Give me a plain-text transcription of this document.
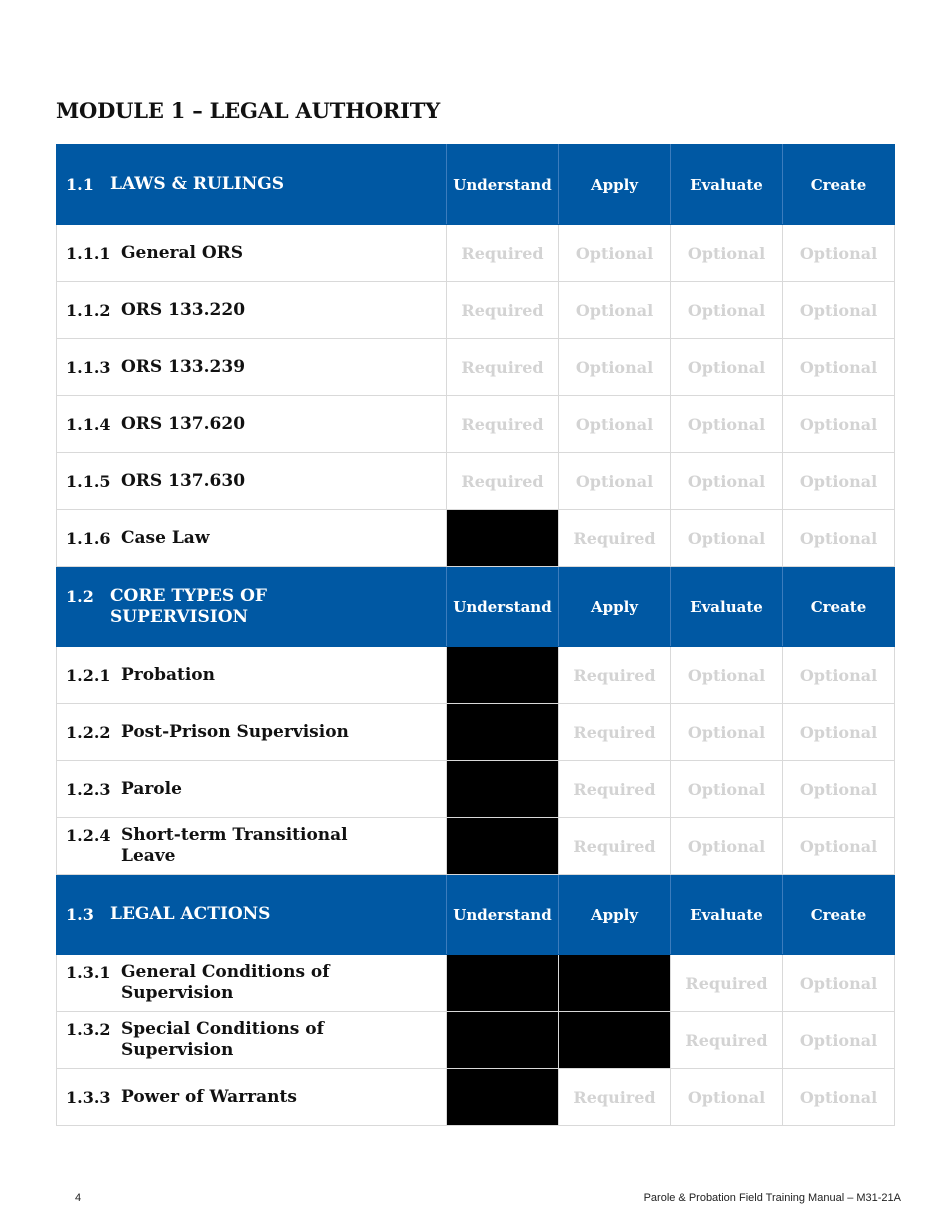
MODULE 1 – LEGAL AUTHORITY
1.1 LAWS & RULINGS	Understand	Apply	Evaluate	Create

1.1.1 General ORS	Required	Optional	Optional	Optional

1.1.2 ORS 133.220	Required	Optional	Optional	Optional

1.1.3 ORS 133.239	Required	Optional	Optional	Optional

1.1.4 ORS 137.620	Required	Optional	Optional	Optional

1.1.5 ORS 137.630	Required	Optional	Optional	Optional

1.1.6 Case Law		Required	Optional	Optional

1.2 CORE TYPES OF SUPERVISION	Understand	Apply	Evaluate	Create

1.2.1 Probation		Required	Optional	Optional

1.2.2 Post-Prison Supervision		Required	Optional	Optional

1.2.3 Parole		Required	Optional	Optional

1.2.4 Short-term Transitional Leave		Required	Optional	Optional

1.3 LEGAL ACTIONS	Understand	Apply	Evaluate	Create

1.3.1 General Conditions of Supervision			Required	Optional

1.3.2 Special Conditions of Supervision			Required	Optional

1.3.3 Power of Warrants		Required	Optional	Optional
4	Parole & Probation Field Training Manual – M31-21A
